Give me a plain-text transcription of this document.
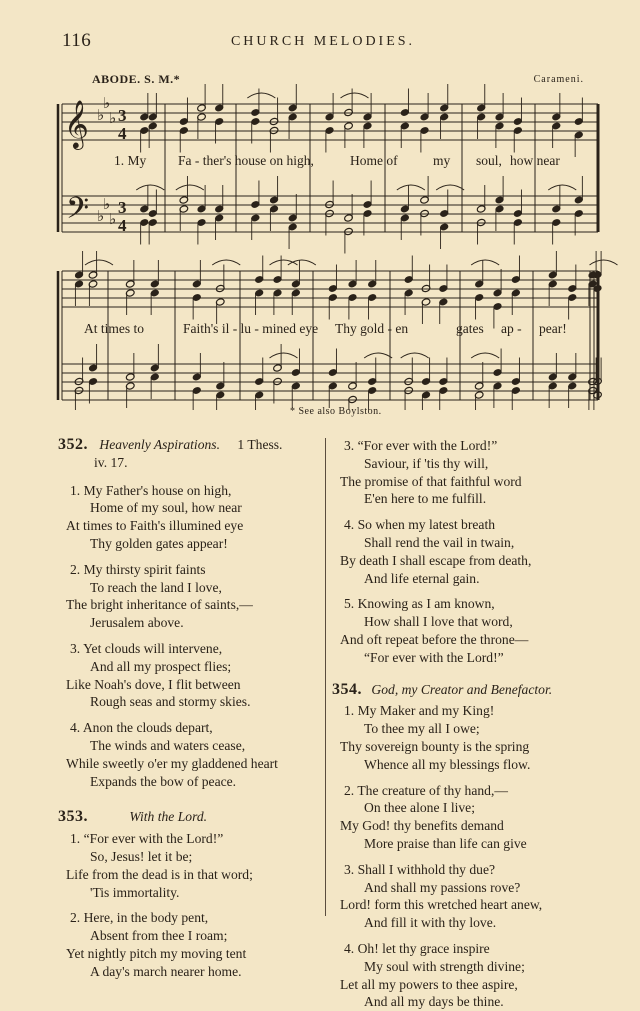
116	CHURCH MELODIES.
ABODE. S. M.*	Carameni.
𝄞
𝄢
♭
♭
♭
♭
♭
♭
3
4
3
4
1. My Fa - ther's house on high,	Home of	my soul, how near
At times to	Faith's il - lu - mined eye Thy gold - en	gates ap - pear!
* See also Boylston.
352. Heavenly Aspirations. 1 Thess.
iv. 17.
1. My Father's house on high,
Home of my soul, how near
At times to Faith's illumined eye
Thy golden gates appear!
2. My thirsty spirit faints
To reach the land I love,
The bright inheritance of saints,—
Jerusalem above.
3. Yet clouds will intervene,
And all my prospect flies;
Like Noah's dove, I flit between
Rough seas and stormy skies.
4. Anon the clouds depart,
The winds and waters cease,
While sweetly o'er my gladdened heart
Expands the bow of peace.
353.	With the Lord.
1. “For ever with the Lord!”
So, Jesus! let it be;
Life from the dead is in that word;
'Tis immortality.
2. Here, in the body pent,
Absent from thee I roam;
Yet nightly pitch my moving tent
A day's march nearer home.
3. “For ever with the Lord!”
Saviour, if 'tis thy will,
The promise of that faithful word
E'en here to me fulfill.
4. So when my latest breath
Shall rend the vail in twain,
By death I shall escape from death,
And life eternal gain.
5. Knowing as I am known,
How shall I love that word,
And oft repeat before the throne—
“For ever with the Lord!”
354. God, my Creator and Benefactor.
1. My Maker and my King!
To thee my all I owe;
Thy sovereign bounty is the spring
Whence all my blessings flow.
2. The creature of thy hand,—
On thee alone I live;
My God! thy benefits demand
More praise than life can give
3. Shall I withhold thy due?
And shall my passions rove?
Lord! form this wretched heart anew,
And fill it with thy love.
4. Oh! let thy grace inspire
My soul with strength divine;
Let all my powers to thee aspire,
And all my days be thine.
